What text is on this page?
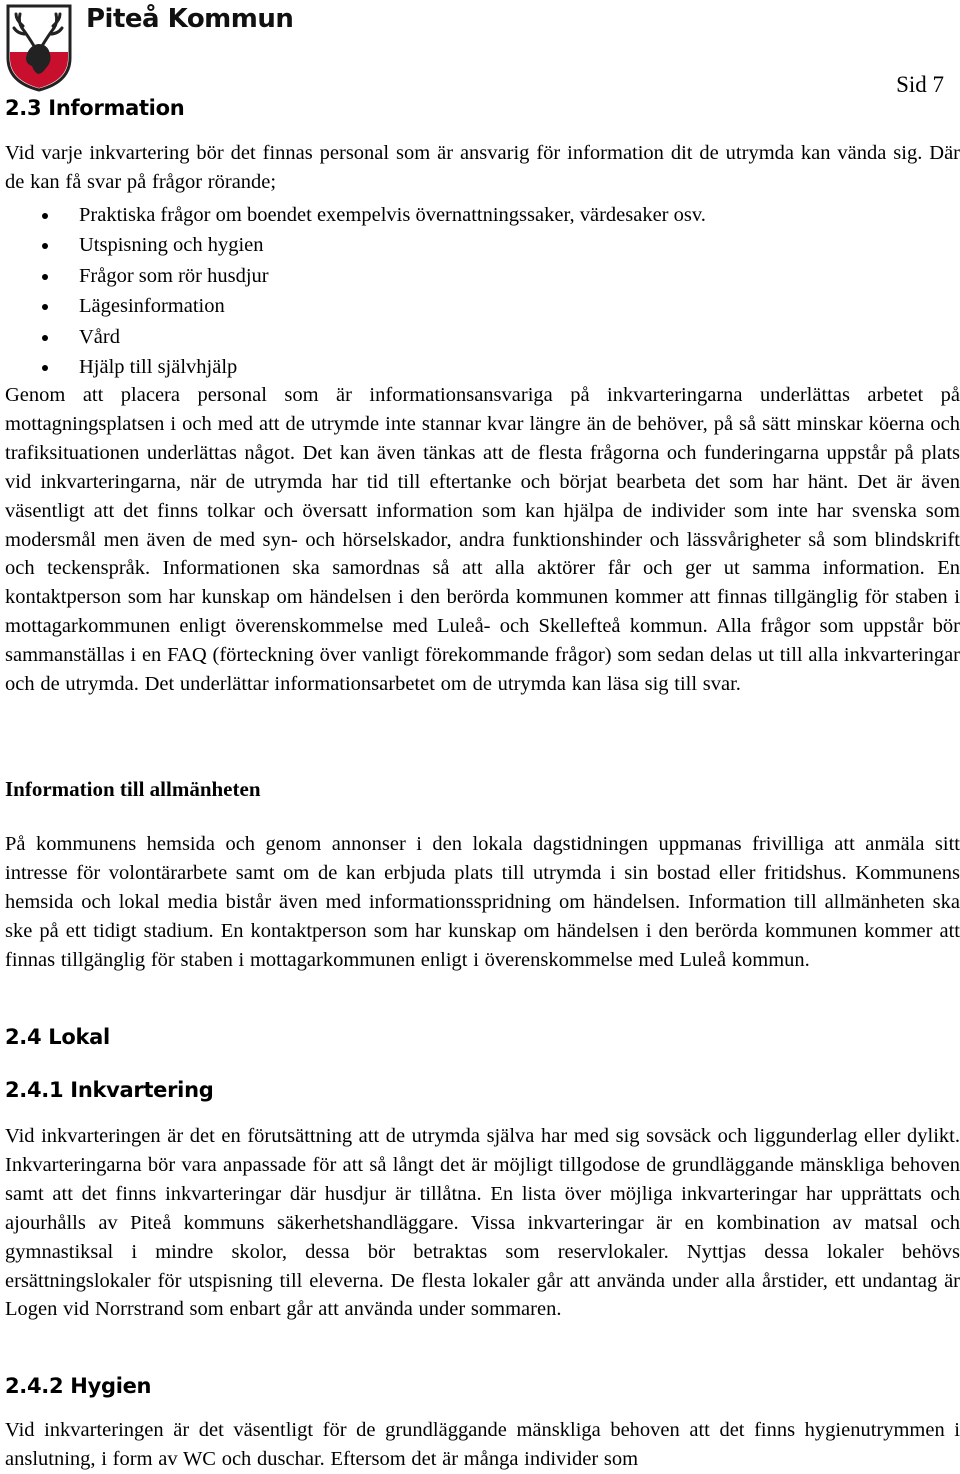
Piteå Kommun
Sid 7
2.3 Information

Vid varje inkvartering bör det finnas personal som är ansvarig för information dit de utrymda kan vända sig. Där de kan få svar på frågor rörande;

Praktiska frågor om boendet exempelvis övernattningssaker, värdesaker osv.
Utspisning och hygien
Frågor som rör husdjur
Lägesinformation
Vård
Hjälp till självhjälp

Genom att placera personal som är informationsansvariga på inkvarteringarna underlättas arbetet på mottagningsplatsen i och med att de utrymde inte stannar kvar längre än de behöver, på så sätt minskar köerna och trafiksituationen underlättas något. Det kan även tänkas att de flesta frågorna och funderingarna uppstår på plats vid inkvarteringarna, när de utrymda har tid till eftertanke och börjat bearbeta det som har hänt. Det är även väsentligt att det finns tolkar och översatt information som kan hjälpa de individer som inte har svenska som modersmål men även de med syn- och hörselskador, andra funktionshinder och lässvårigheter så som blindskrift och teckenspråk. Informationen ska samordnas så att alla aktörer får och ger ut samma information. En kontaktperson som har kunskap om händelsen i den berörda kommunen kommer att finnas tillgänglig för staben i mottagarkommunen enligt överenskommelse med Luleå- och Skellefteå kommun. Alla frågor som uppstår bör sammanställas i en FAQ (förteckning över vanligt förekommande frågor) som sedan delas ut till alla inkvarteringar och de utrymda. Det underlättar informationsarbetet om de utrymda kan läsa sig till svar.

Information till allmänheten

På kommunens hemsida och genom annonser i den lokala dagstidningen uppmanas frivilliga att anmäla sitt intresse för volontärarbete samt om de kan erbjuda plats till utrymda i sin bostad eller fritidshus. Kommunens hemsida och lokal media bistår även med informationsspridning om händelsen. Information till allmänheten ska ske på ett tidigt stadium. En kontaktperson som har kunskap om händelsen i den berörda kommunen kommer att finnas tillgänglig för staben i mottagarkommunen enligt i överenskommelse med Luleå kommun.

2.4 Lokal
2.4.1 Inkvartering

Vid inkvarteringen är det en förutsättning att de utrymda själva har med sig sovsäck och liggunderlag eller dylikt. Inkvarteringarna bör vara anpassade för att så långt det är möjligt tillgodose de grundläggande mänskliga behoven samt att det finns inkvarteringar där husdjur är tillåtna. En lista över möjliga inkvarteringar har upprättats och ajourhålls av Piteå kommuns säkerhetshandläggare. Vissa inkvarteringar är en kombination av matsal och gymnastiksal i mindre skolor, dessa bör betraktas som reservlokaler. Nyttjas dessa lokaler behövs ersättningslokaler för utspisning till eleverna. De flesta lokaler går att använda under alla årstider, ett undantag är Logen vid Norrstrand som enbart går att använda under sommaren.

2.4.2 Hygien

Vid inkvarteringen är det väsentligt för de grundläggande mänskliga behoven att det finns hygienutrymmen i anslutning, i form av WC och duschar. Eftersom det är många individer som
